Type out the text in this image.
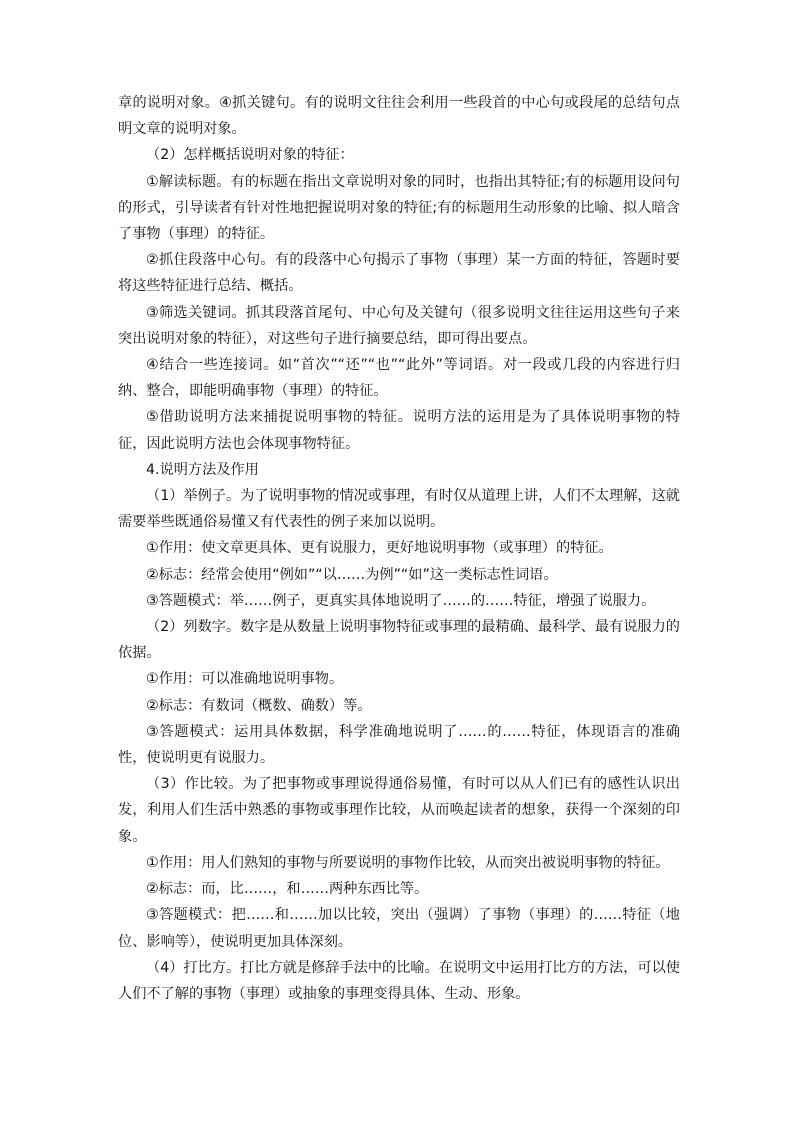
章的说明对象。④抓关键句。有的说明文往往会利用一些段首的中心句或段尾的总结句点明文章的说明对象。

（2）怎样概括说明对象的特征：

①解读标题。有的标题在指出文章说明对象的同时，也指出其特征;有的标题用设问句的形式，引导读者有针对性地把握说明对象的特征;有的标题用生动形象的比喻、拟人暗含了事物（事理）的特征。

②抓住段落中心句。有的段落中心句揭示了事物（事理）某一方面的特征，答题时要将这些特征进行总结、概括。

③筛选关键词。抓其段落首尾句、中心句及关键句（很多说明文往往运用这些句子来突出说明对象的特征），对这些句子进行摘要总结，即可得出要点。

④结合一些连接词。如“首次”“还”“也”“此外”等词语。对一段或几段的内容进行归纳、整合，即能明确事物（事理）的特征。

⑤借助说明方法来捕捉说明事物的特征。说明方法的运用是为了具体说明事物的特征，因此说明方法也会体现事物特征。

4.说明方法及作用

（1）举例子。为了说明事物的情况或事理，有时仅从道理上讲，人们不太理解，这就需要举些既通俗易懂又有代表性的例子来加以说明。

①作用：使文章更具体、更有说服力，更好地说明事物（或事理）的特征。

②标志：经常会使用“例如”“以……为例”“如”这一类标志性词语。

③答题模式：举……例子，更真实具体地说明了……的……特征，增强了说服力。

（2）列数字。数字是从数量上说明事物特征或事理的最精确、最科学、最有说服力的依据。

①作用：可以准确地说明事物。

②标志：有数词（概数、确数）等。

③答题模式：运用具体数据，科学准确地说明了……的……特征，体现语言的准确性，使说明更有说服力。

（3）作比较。为了把事物或事理说得通俗易懂，有时可以从人们已有的感性认识出发，利用人们生活中熟悉的事物或事理作比较，从而唤起读者的想象，获得一个深刻的印象。

①作用：用人们熟知的事物与所要说明的事物作比较，从而突出被说明事物的特征。

②标志：而，比……，和……两种东西比等。

③答题模式：把……和……加以比较，突出（强调）了事物（事理）的……特征（地位、影响等），使说明更加具体深刻。

（4）打比方。打比方就是修辞手法中的比喻。在说明文中运用打比方的方法，可以使人们不了解的事物（事理）或抽象的事理变得具体、生动、形象。
